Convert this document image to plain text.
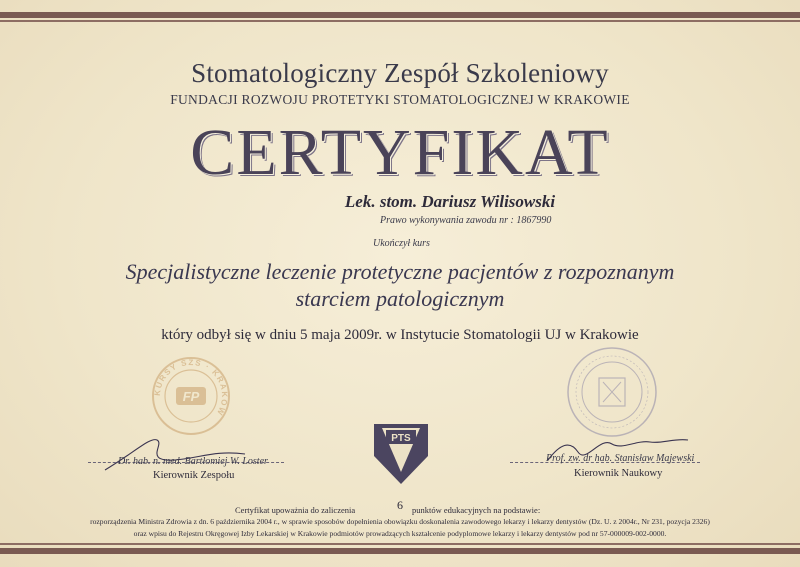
Stomatologiczny Zespół Szkoleniowy
FUNDACJI ROZWOJU PROTETYKI STOMATOLOGICZNEJ W KRAKOWIE
CERTYFIKAT
Lek. stom. Dariusz Wilisowski
Prawo wykonywania zawodu nr : 1867990
Ukończył kurs
Specjalistyczne leczenie protetyczne pacjentów z rozpoznanym
starciem patologicznym
który odbył się w dniu 5 maja 2009r. w Instytucie Stomatologii UJ w Krakowie
KURSY SZS · KRAKÓW
FP
PTS
Dr. hab. n. med. Bartłomiej W. Loster
Kierownik Zespołu
Prof. zw. dr hab. Stanisław Majewski
Kierownik Naukowy
Certyfikat upoważnia do zaliczenia	6 punktów edukacyjnych na podstawie:
rozporządzenia Ministra Zdrowia z dn. 6 października 2004 r., w sprawie sposobów dopełnienia obowiązku doskonalenia zawodowego lekarzy i lekarzy dentystów (Dz. U. z 2004r., Nr 231, pozycja 2326)
oraz wpisu do Rejestru Okręgowej Izby Lekarskiej w Krakowie podmiotów prowadzących kształcenie podyplomowe lekarzy i lekarzy dentystów pod nr 57-000009-002-0000.
